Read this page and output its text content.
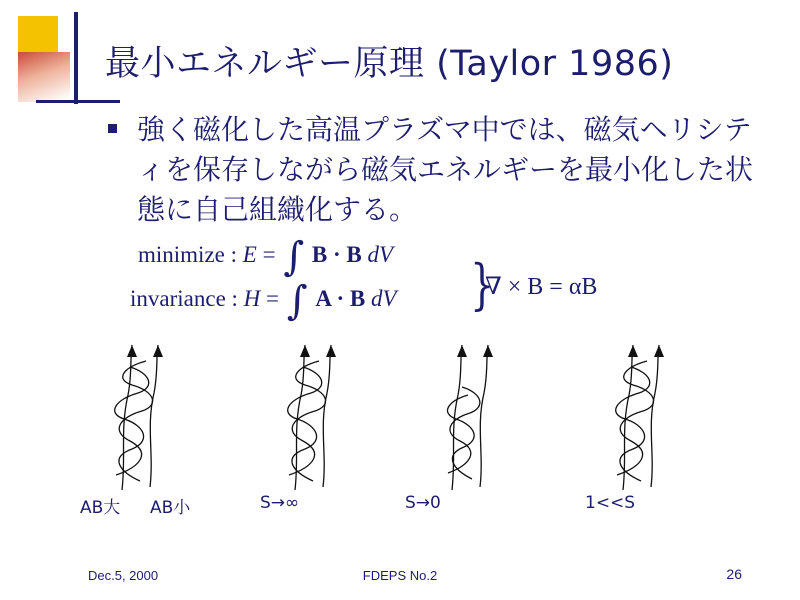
最小エネルギー原理 (Taylor 1986)
強く磁化した高温プラズマ中では、磁気ヘリシティを保存しながら磁気エネルギーを最小化した状態に自己組織化する。
minimize : E = ∫ B · B dV
invariance : H = ∫ A · B dV }
∇ × B = αB
AB大	AB小	S→∞	S→0	1<<S
Dec.5, 2000	FDEPS No.2	26
